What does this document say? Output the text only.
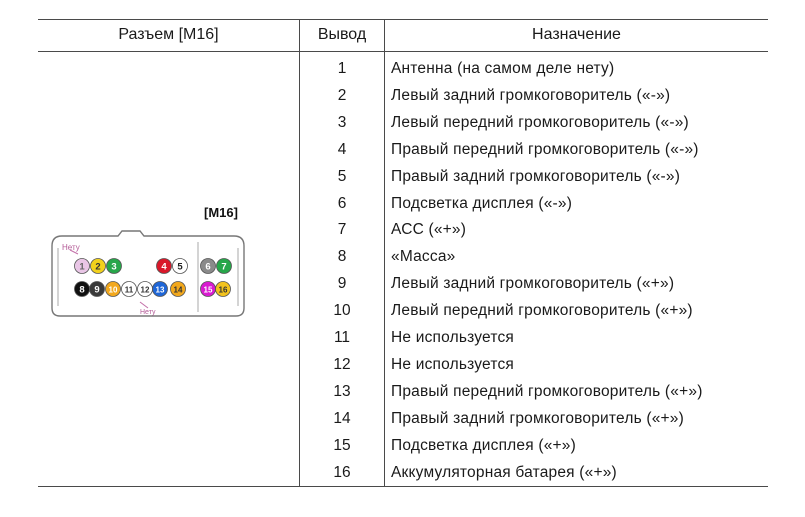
Разъем [M16]	Вывод	Назначение
[M16]
Нету
Нету
1 2 3	4 5 6 7
8 9 10 11 12 13 14	15 16
1	Антенна (на самом деле нету)
2	Левый задний громкоговоритель («-»)
3	Левый передний громкоговоритель («-»)
4	Правый передний громкоговоритель («-»)
5	Правый задний громкоговоритель («-»)
6	Подсветка дисплея («-»)
7	АСС («+»)
8	«Масса»
9	Левый задний громкоговоритель («+»)
10	Левый передний громкоговоритель («+»)
11	Не используется
12	Не используется
13	Правый передний громкоговоритель («+»)
14	Правый задний громкоговоритель («+»)
15	Подсветка дисплея («+»)
16	Аккумуляторная батарея («+»)
